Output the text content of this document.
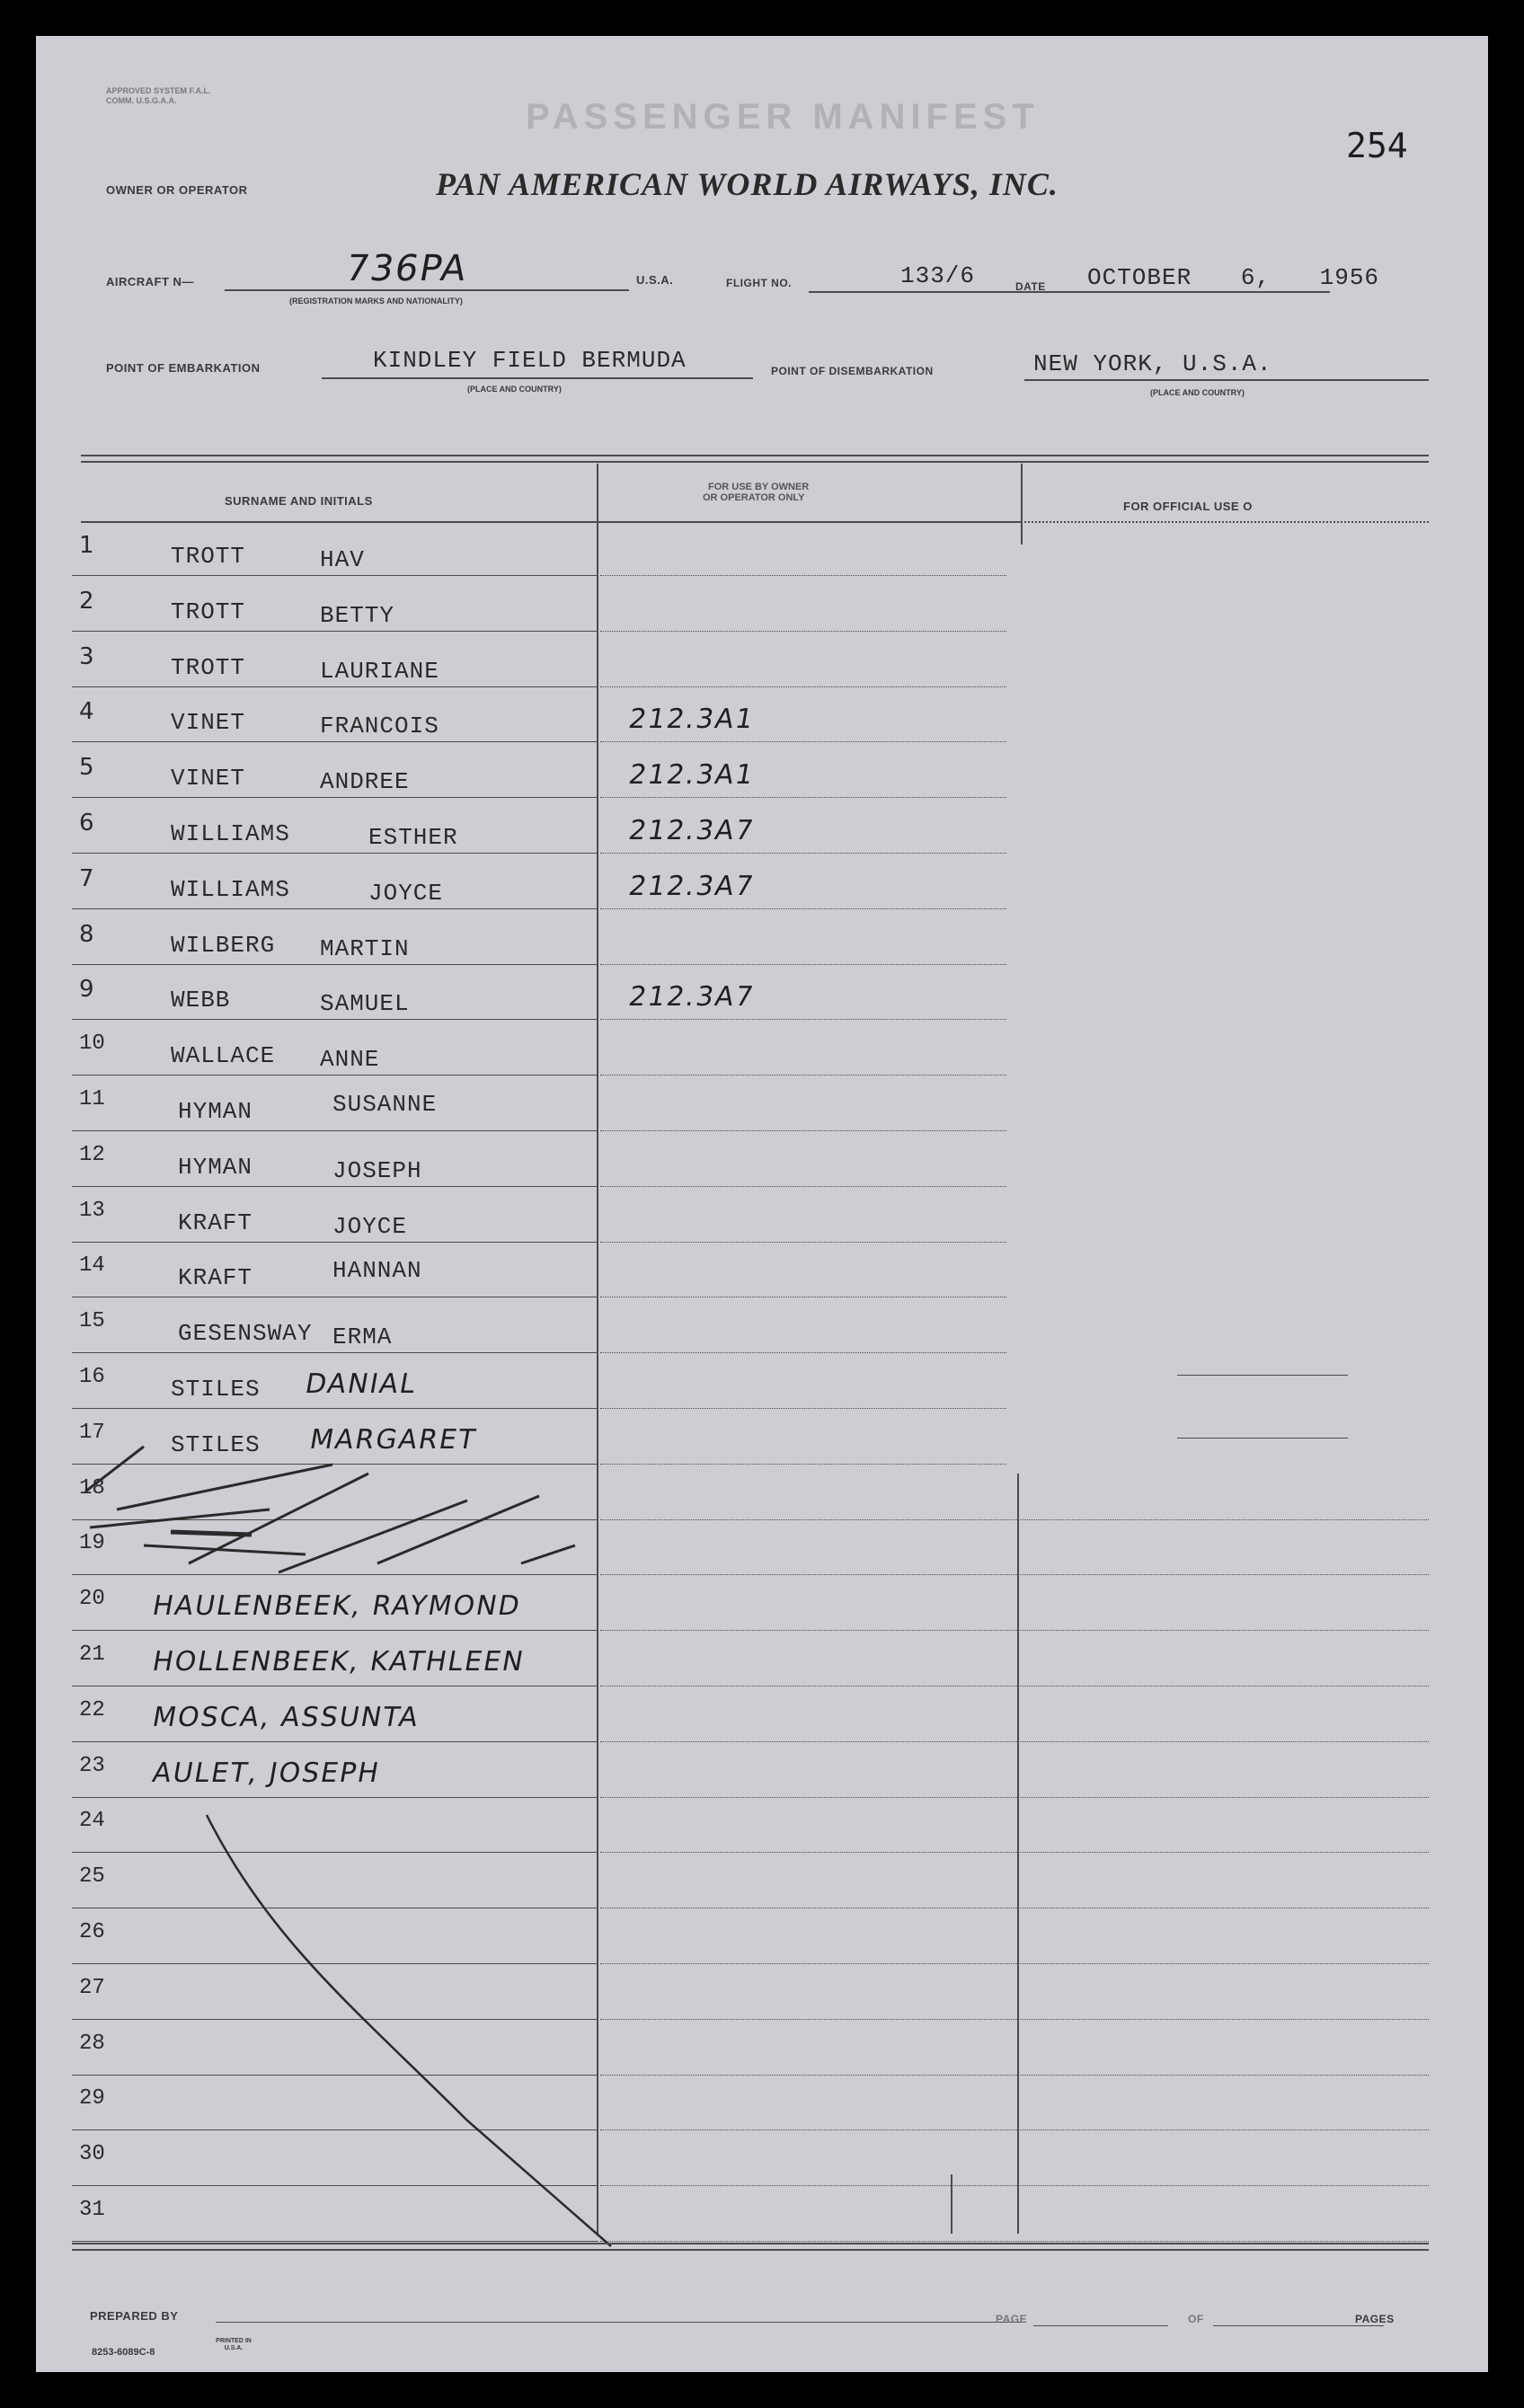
APPROVED SYSTEM F.A.L. COMM. U.S.G.A.A.	PASSENGER MANIFEST
254
OWNER OR OPERATOR	PAN AMERICAN WORLD AIRWAYS, INC.
AIRCRAFT N—	736PA
(REGISTRATION MARKS AND NATIONALITY)
U.S.A.	FLIGHT NO.	133/6	DATE OCTOBER 6, 1956
POINT OF EMBARKATION	KINDLEY FIELD BERMUDA
(PLACE AND COUNTRY)
POINT OF DISEMBARKATION	NEW YORK, U.S.A.
(PLACE AND COUNTRY)
SURNAME AND INITIALS
FOR USE BY OWNER
OR OPERATOR ONLY
FOR OFFICIAL USE O
1	TROTT	HAV
2	TROTT	BETTY
3	TROTT	LAURIANE
4	VINET	FRANCOIS	212.3A1
5	VINET	ANDREE	212.3A1
6	WILLIAMS	ESTHER	212.3A7
7	WILLIAMS	JOYCE	212.3A7
8	WILBERG MARTIN
9	WEBB	SAMUEL	212.3A7
10	WALLACE ANNE
11	HYMAN	SUSANNE
12	HYMAN	JOSEPH
13	KRAFT	JOYCE
14	KRAFT	HANNAN
15	GESENSWAY ERMA
16	STILES DANIAL
17	STILES MARGARET
18
19
20 HAULENBEEK, RAYMOND
21 HOLLENBEEK, KATHLEEN
22 MOSCA, ASSUNTA
23 AULET, JOSEPH
24
25
26
27
28
29
30
31
PREPARED BY
8253-6089C-8
PRINTED IN U.S.A.
PAGE	OF	PAGES
